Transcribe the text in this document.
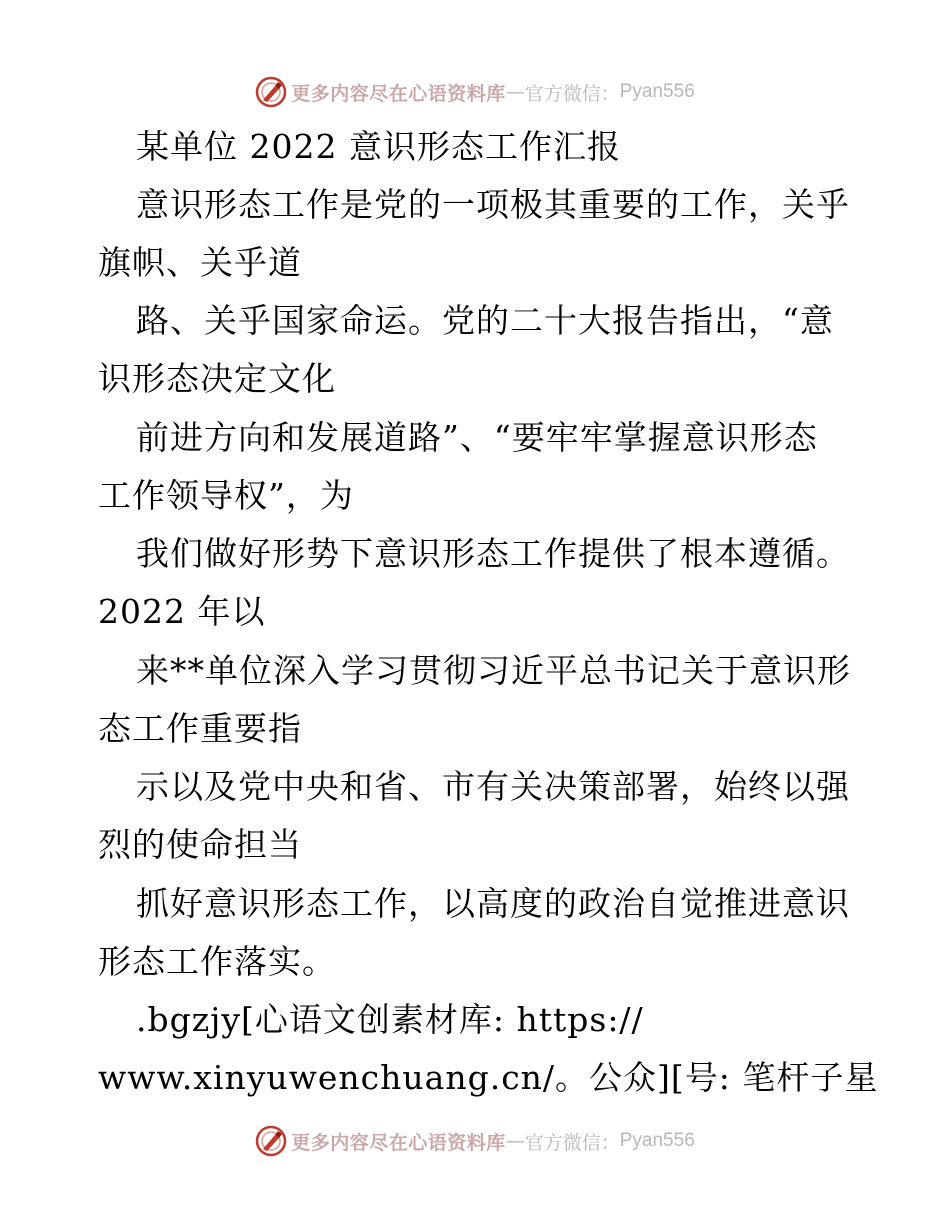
更多内容尽在心语资料库 — 官方微信： Pyan556
某单位 2022 意识形态工作汇报
意识形态工作是党的一项极其重要的工作，关乎
旗帜、关乎道
路、关乎国家命运。党的二十大报告指出，“意
识形态决定文化
前进方向和发展道路”、“要牢牢掌握意识形态
工作领导权”，为
我们做好形势下意识形态工作提供了根本遵循。
2022 年以
来**单位深入学习贯彻习近平总书记关于意识形
态工作重要指
示以及党中央和省、市有关决策部署，始终以强
烈的使命担当
抓好意识形态工作，以高度的政治自觉推进意识
形态工作落实。
.bgzjy[心语文创素材库: https://
www.xinyuwenchuang.cn/。公众][号: 笔杆子星
更多内容尽在心语资料库 — 官方微信： Pyan556
